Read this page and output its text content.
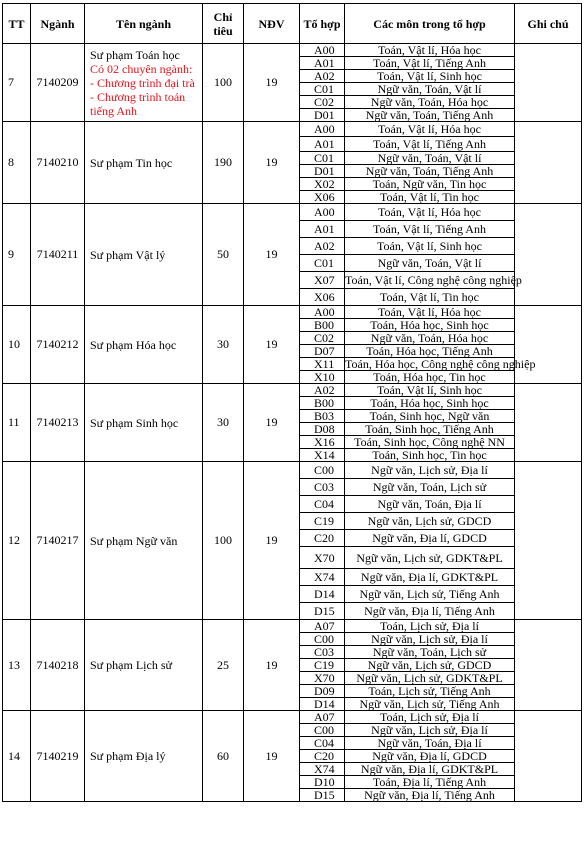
TT	Ngành	Tên ngành	Chỉ tiêu	NĐV	Tổ hợp	Các môn trong tổ hợp	Ghi chú
7	7140209	Sư phạm Toán học
Có 02 chuyên ngành:
- Chương trình đại trà
- Chương trình toán tiếng Anh	100	19	A00	Toán, Vật lí, Hóa học	
					A01	Toán, Vật lí, Tiếng Anh	
					A02	Toán, Vật lí, Sinh học	
					C01	Ngữ văn, Toán, Vật lí	
					C02	Ngữ văn, Toán, Hóa học	
					D01	Ngữ văn, Toán, Tiếng Anh	
8	7140210	Sư phạm Tin học	190	19	A00	Toán, Vật lí, Hóa học	
					A01	Toán, Vật lí, Tiếng Anh	
					C01	Ngữ văn, Toán, Vật lí	
					D01	Ngữ văn, Toán, Tiếng Anh	
					X02	Toán, Ngữ văn, Tin học	
					X06	Toán, Vật lí, Tin học	
9	7140211	Sư phạm Vật lý	50	19	A00	Toán, Vật lí, Hóa học	
					A01	Toán, Vật lí, Tiếng Anh	
					A02	Toán, Vật lí, Sinh học	
					C01	Ngữ văn, Toán, Vật lí	
					X07	Toán, Vật lí, Công nghệ công nghiệp	
					X06	Toán, Vật lí, Tin học	
10	7140212	Sư phạm Hóa học	30	19	A00	Toán, Vật lí, Hóa học	
					B00	Toán, Hóa học, Sinh học	
					C02	Ngữ văn, Toán, Hóa học	
					D07	Toán, Hóa học, Tiếng Anh	
					X11	Toán, Hóa học, Công nghệ công nghiệp	
					X10	Toán, Hóa học, Tin học	
11	7140213	Sư phạm Sinh học	30	19	A02	Toán, Vật lí, Sinh học	
					B00	Toán, Hóa học, Sinh học	
					B03	Toán, Sinh học, Ngữ văn	
					D08	Toán, Sinh học, Tiếng Anh	
					X16	Toán, Sinh học, Công nghệ NN	
					X14	Toán, Sinh học, Tin học	
12	7140217	Sư phạm Ngữ văn	100	19	C00	Ngữ văn, Lịch sử, Địa lí	
					C03	Ngữ văn, Toán, Lịch sử	
					C04	Ngữ văn, Toán, Địa lí	
					C19	Ngữ văn, Lịch sử, GDCD	
					C20	Ngữ văn, Địa lí, GDCD	
					X70	Ngữ văn, Lịch sử, GDKT&PL	
					X74	Ngữ văn, Địa lí, GDKT&PL	
					D14	Ngữ văn, Lịch sử, Tiếng Anh	
					D15	Ngữ văn, Địa lí, Tiếng Anh	
13	7140218	Sư phạm Lịch sử	25	19	A07	Toán, Lịch sử, Địa lí	
					C00	Ngữ văn, Lịch sử, Địa lí	
					C03	Ngữ văn, Toán, Lịch sử	
					C19	Ngữ văn, Lịch sử, GDCD	
					X70	Ngữ văn, Lịch sử, GDKT&PL	
					D09	Toán, Lịch sử, Tiếng Anh	
					D14	Ngữ văn, Lịch sử, Tiếng Anh	
14	7140219	Sư phạm Địa lý	60	19	A07	Toán, Lịch sử, Địa lí	
					C00	Ngữ văn, Lịch sử, Địa lí	
					C04	Ngữ văn, Toán, Địa lí	
					C20	Ngữ văn, Địa lí, GDCD	
					X74	Ngữ văn, Địa lí, GDKT&PL	
					D10	Toán, Địa lí, Tiếng Anh	
					D15	Ngữ văn, Địa lí, Tiếng Anh	
